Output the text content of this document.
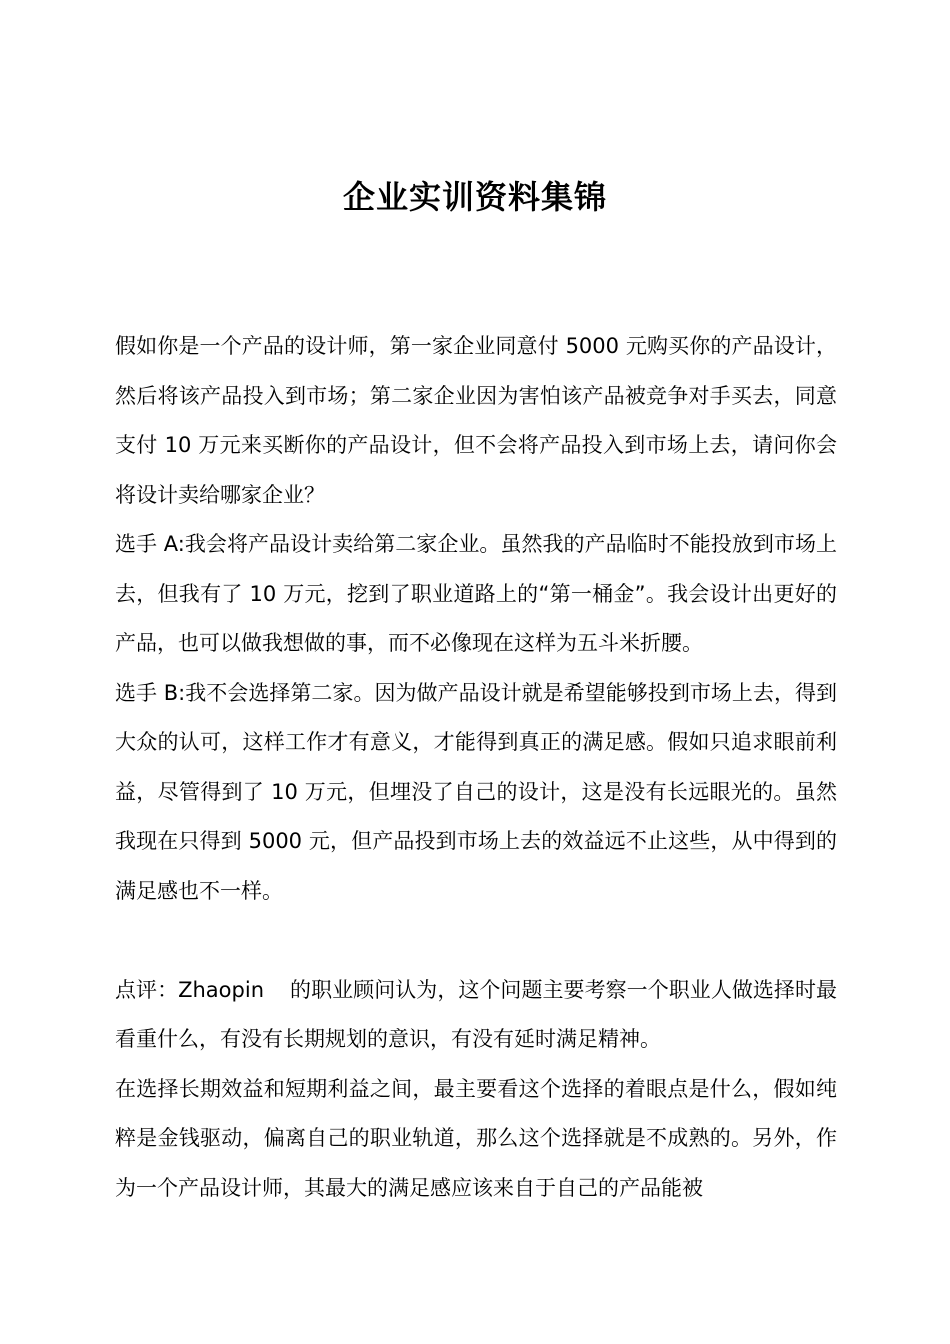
企业实训资料集锦

假如你是一个产品的设计师，第一家企业同意付 5000 元购买你的产品设计，然后将该产品投入到市场；第二家企业因为害怕该产品被竞争对手买去，同意支付 10 万元来买断你的产品设计，但不会将产品投入到市场上去，请问你会将设计卖给哪家企业？

选手 A:我会将产品设计卖给第二家企业。虽然我的产品临时不能投放到市场上去，但我有了 10 万元，挖到了职业道路上的“第一桶金”。我会设计出更好的产品，也可以做我想做的事，而不必像现在这样为五斗米折腰。

选手 B:我不会选择第二家。因为做产品设计就是希望能够投到市场上去，得到大众的认可，这样工作才有意义，才能得到真正的满足感。假如只追求眼前利益，尽管得到了 10 万元，但埋没了自己的设计，这是没有长远眼光的。虽然我现在只得到 5000 元，但产品投到市场上去的效益远不止这些，从中得到的满足感也不一样。

点评：Zhaopin 的职业顾问认为，这个问题主要考察一个职业人做选择时最看重什么，有没有长期规划的意识，有没有延时满足精神。

在选择长期效益和短期利益之间，最主要看这个选择的着眼点是什么，假如纯粹是金钱驱动，偏离自己的职业轨道，那么这个选择就是不成熟的。另外，作为一个产品设计师，其最大的满足感应该来自于自己的产品能被
